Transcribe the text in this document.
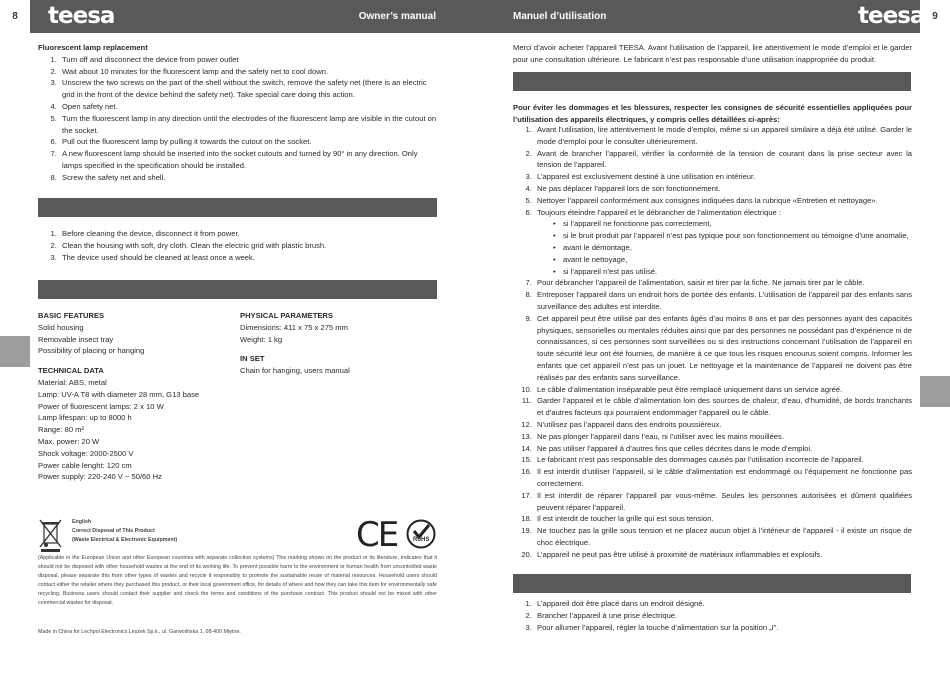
8	9
teesa	teesa
Owner’s manual	Manuel d’utilisation

Fluorescent lamp replacement

1. Turn off and disconnect the device from power outlet
2. Wait about 10 minutes for the fluorescent lamp and the safety net to cool down.
3. Unscrew the two screws on the part of the shell without the switch, remove the safety net (there is an electric grid in the front of the device behind the safety net). Take special care doing this action.
4. Open safety net.
5. Turn the fluorescent lamp in any direction until the electrodes of the fluorescent lamp are visible in the cutout on the socket.
6. Pull out the fluorescent lamp by pulling it towards the cutout on the socket.
7. A new fluorescent lamp should be inserted into the socket cutouts and turned by 90° in any direction. Only lamps specified in the specification should be installed.
8. Screw the safety net and shell.
1. Before cleaning the device, disconnect it from power.
2. Clean the housing with soft, dry cloth. Clean the electric grid with plastic brush.
3. The device used should be cleaned at least once a week.

BASIC FEATURES

Solid housing

Removable insect tray

Possibility of placing or hanging

TECHNICAL DATA

Material: ABS, metal

Lamp: UV-A T8 with diameter 28 mm, G13 base

Power of fluorescent lamps: 2 x 10 W

Lamp lifespan: up to 8000 h

Range: 80 m²

Max. power: 20 W

Shock voltage: 2000-2500 V

Power cable lenght: 120 cm

Power supply: 220-240 V ~ 50/60 Hz

PHYSICAL PARAMETERS

Dimensions: 411 x 75 x 275 mm

Weight: 1 kg

IN SET

Chain for hanging, users manual

English
Correct Disposal of This Product
(Waste Electrical & Electronic Equipment)	CE	RoHS
(Applicable in the European Union and other European countries with separate collection systems) This marking shown on the product or its literature, indicates that it should not be disposed with other household wastes at the end of its working life. To prevent possible harm to the environment or human health from uncontrolled waste disposal, please separate this from other types of wastes and recycle it responsibly to promote the sustainable reuse of material resources. Household users should contact either the retailer where they purchased this product, or their local government office, for details of where and how they can take this item for environmentally safe recycling. Business users should contact their supplier and check the terms and conditions of the purchase contract. This product should not be mixed with other commercial wastes for disposal.
Made in China for Lechpol Electronics Leszek Sp.k., ul. Garwolińska 1, 08-400 Miętne.
Merci d’avoir acheter l’appareil TEESA. Avant l’utilisation de l’appareil, lire attentivement le mode d’emploi et le garder pour une consultation ultérieure. Le fabricant n’est pas responsable d’une utilisation inappropriée du produit.
Pour éviter les dommages et les blessures, respecter les consignes de sécurité essentielles appliquées pour l’utilisation des appareils électriques, y compris celles détaillées ci-après:
1. Avant l’utilisation, lire attentivement le mode d’emploi, même si un appareil similaire a déjà été utilisé. Garder le mode d’emploi pour le consulter ultérieurement.
2. Avant de brancher l’appareil, vérifier la conformité de la tension de courant dans la prise secteur avec la tension de l’appareil.
3. L’appareil est exclusivement destiné à une utilisation en intérieur.
4. Ne pas déplacer l’appareil lors de son fonctionnement.
5. Nettoyer l’appareil conformément aux consignes indiquées dans la rubrique «Entretien et nettoyage».
6. Toujours éteindre l’appareil et le débrancher de l’alimentation électrique :
• si l’appareil ne fonctionne pas correctement,
• si le bruit produit par l’appareil n’est pas typique pour son fonctionnement ou témoigne d’une anomalie,
• avant le démontage,
• avant le nettoyage,
• si l’appareil n’est pas utilisé.
7. Pour débrancher l’appareil de l’alimentation, saisir et tirer par la fiche. Ne jamais tirer par le câble.
8. Entreposer l’appareil dans un endroit hors de portée des enfants. L’utilisation de l’appareil par des enfants sans surveillance des adultes est interdite.
9. Cet appareil peut être utilisé par des enfants âgés d’au moins 8 ans et par des personnes ayant des capacités physiques, sensorielles ou mentales réduites ainsi que par des personnes ne possédant pas d’expérience ni de connaissances, si ces personnes sont surveillées ou si des instructions concernant l’utilisation de l’appareil en toute sécurité leur ont été fournies, de manière à ce que tous les risques encourus soient compris. Informer les enfants que cet appareil n’est pas un jouet. Le nettoyage et la maintenance de l’appareil ne doivent pas être réalisés par des enfants sans surveillance.
10. Le câble d’alimentation inséparable peut être remplacé uniquement dans un service agréé.
11. Garder l’appareil et le câble d’alimentation loin des sources de chaleur, d’eau, d’humidité, de bords tranchants et d’autres facteurs qui pourraient endommager l’appareil ou le câble.
12. N’utilisez pas l’appareil dans des endroits poussiéreux.
13. Ne pas plonger l’appareil dans l’eau, ni l’utiliser avec les mains mouillées.
14. Ne pas utiliser l’appareil à d’autres fins que celles décrites dans le mode d’emploi.
15. Le fabricant n’est pas responsable des dommages causés par l’utilisation incorrecte de l’appareil.
16. Il est interdit d’utiliser l’appareil, si le câble d’alimentation est endommagé ou l’équipement ne fonctionne pas correctement.
17. Il est interdit de réparer l’appareil par vous-même. Seules les personnes autorisées et dûment qualifiées peuvent réparer l’appareil.
18. Il est interdit de toucher la grille qui est sous tension.
19. Ne touchez pas la grille sous tension et ne placez aucun objet à l’intérieur de l’appareil - il existe un risque de choc électrique.
20. L’appareil ne peut pas être utilisé à proximité de matériaux inflammables et explosifs.
1. L’appareil doit être placé dans un endroit désigné.
2. Brancher l’appareil à une prise électrique.
3. Pour allumer l’appareil, régler la touche d’alimentation sur la position „I”.
